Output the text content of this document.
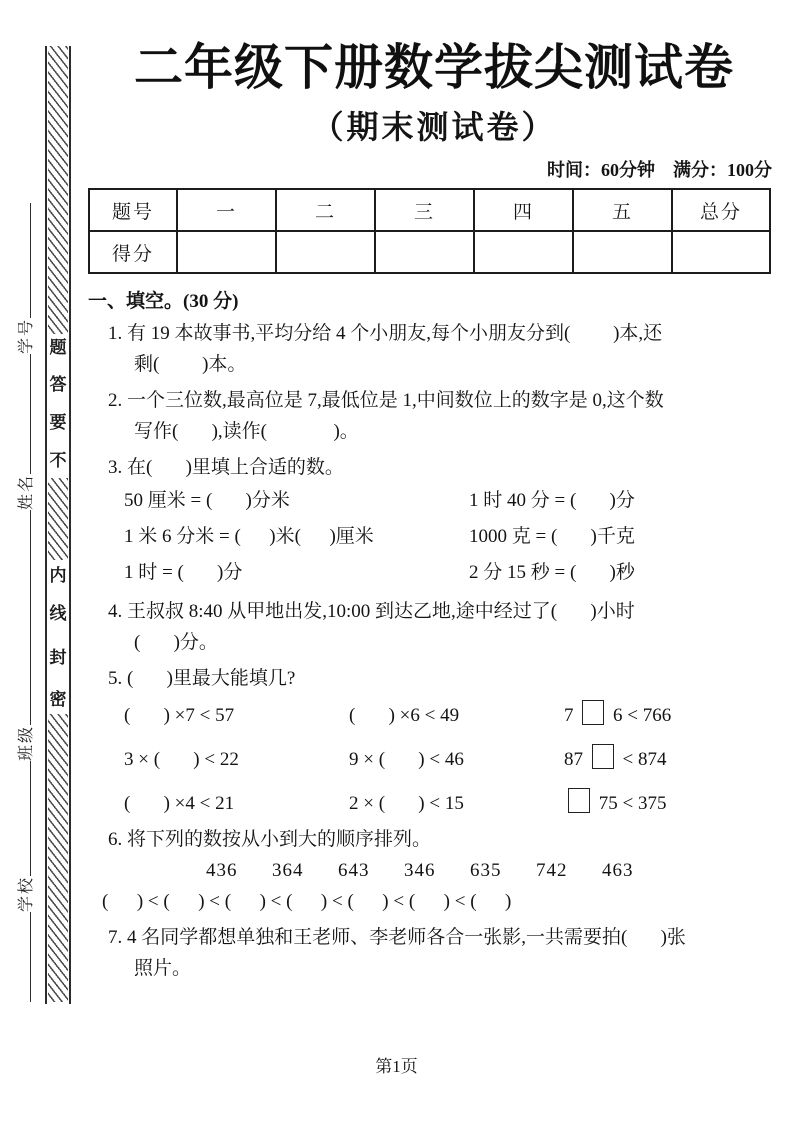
学校班级姓名学号 题
答
要
不
内
线
封
密
二年级下册数学拔尖测试卷
（期末测试卷）
时间：60分钟　满分：100分
题号	一	二	三	四	五	总分
得分						
一、填空。(30 分)
1. 有 19 本故事书,平均分给 4 个小朋友,每个小朋友分到(         )本,还
剩(         )本。
2. 一个三位数,最高位是 7,最低位是 1,中间数位上的数字是 0,这个数
写作(       ),读作(              )。
3. 在(       )里填上合适的数。
50 厘米 = (       )分米	1 时 40 分 = (       )分
1 米 6 分米 = (      )米(      )厘米	1000 克 = (       )千克
1 时 = (       )分	2 分 15 秒 = (       )秒
4. 王叔叔 8:40 从甲地出发,10:00 到达乙地,途中经过了(       )小时
(       )分。
5. (       )里最大能填几?
(       ) ×7 < 57	(       ) ×6 < 49	7  6 < 766
3 × (       ) < 22	9 × (       ) < 46	87  < 874
(       ) ×4 < 21	2 × (       ) < 15	75 < 375
6. 将下列的数按从小到大的顺序排列。
436      364      643      346      635      742      463
(      ) < (      ) < (      ) < (      ) < (      ) < (      ) < (      )
7. 4 名同学都想单独和王老师、李老师各合一张影,一共需要拍(       )张
照片。
第1页
